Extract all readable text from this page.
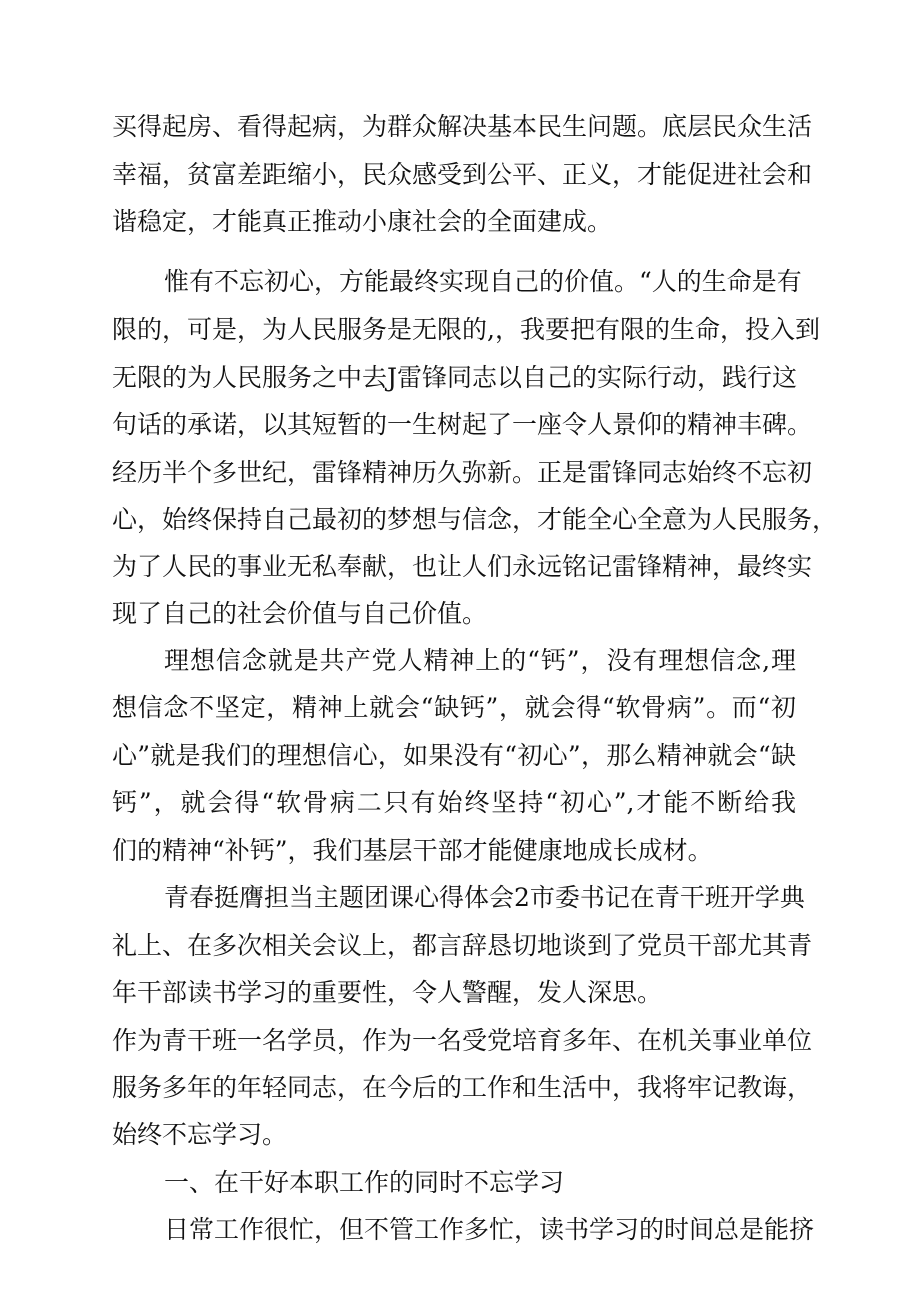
买得起房、看得起病，为群众解决基本民生问题。底层民众生活
幸福，贫富差距缩小，民众感受到公平、正义，才能促进社会和
谐稳定，才能真正推动小康社会的全面建成。
惟有不忘初心，方能最终实现自己的价值。“人的生命是有
限的，可是，为人民服务是无限的,，我要把有限的生命，投入到
无限的为人民服务之中去J雷锋同志以自己的实际行动，践行这
句话的承诺，以其短暂的一生树起了一座令人景仰的精神丰碑。
经历半个多世纪，雷锋精神历久弥新。正是雷锋同志始终不忘初
心，始终保持自己最初的梦想与信念，才能全心全意为人民服务，
为了人民的事业无私奉献，也让人们永远铭记雷锋精神，最终实
现了自己的社会价值与自己价值。
理想信念就是共产党人精神上的“钙”，没有理想信念,理
想信念不坚定，精神上就会“缺钙”，就会得“软骨病”。而“初
心”就是我们的理想信心，如果没有“初心”，那么精神就会“缺
钙”，就会得“软骨病二只有始终坚持“初心”,才能不断给我
们的精神“补钙”，我们基层干部才能健康地成长成材。
青春挺膺担当主题团课心得体会2市委书记在青干班开学典
礼上、在多次相关会议上，都言辞恳切地谈到了党员干部尤其青
年干部读书学习的重要性，令人警醒，发人深思。
作为青干班一名学员，作为一名受党培育多年、在机关事业单位
服务多年的年轻同志，在今后的工作和生活中，我将牢记教诲，
始终不忘学习。
一、在干好本职工作的同时不忘学习
日常工作很忙，但不管工作多忙，读书学习的时间总是能挤
